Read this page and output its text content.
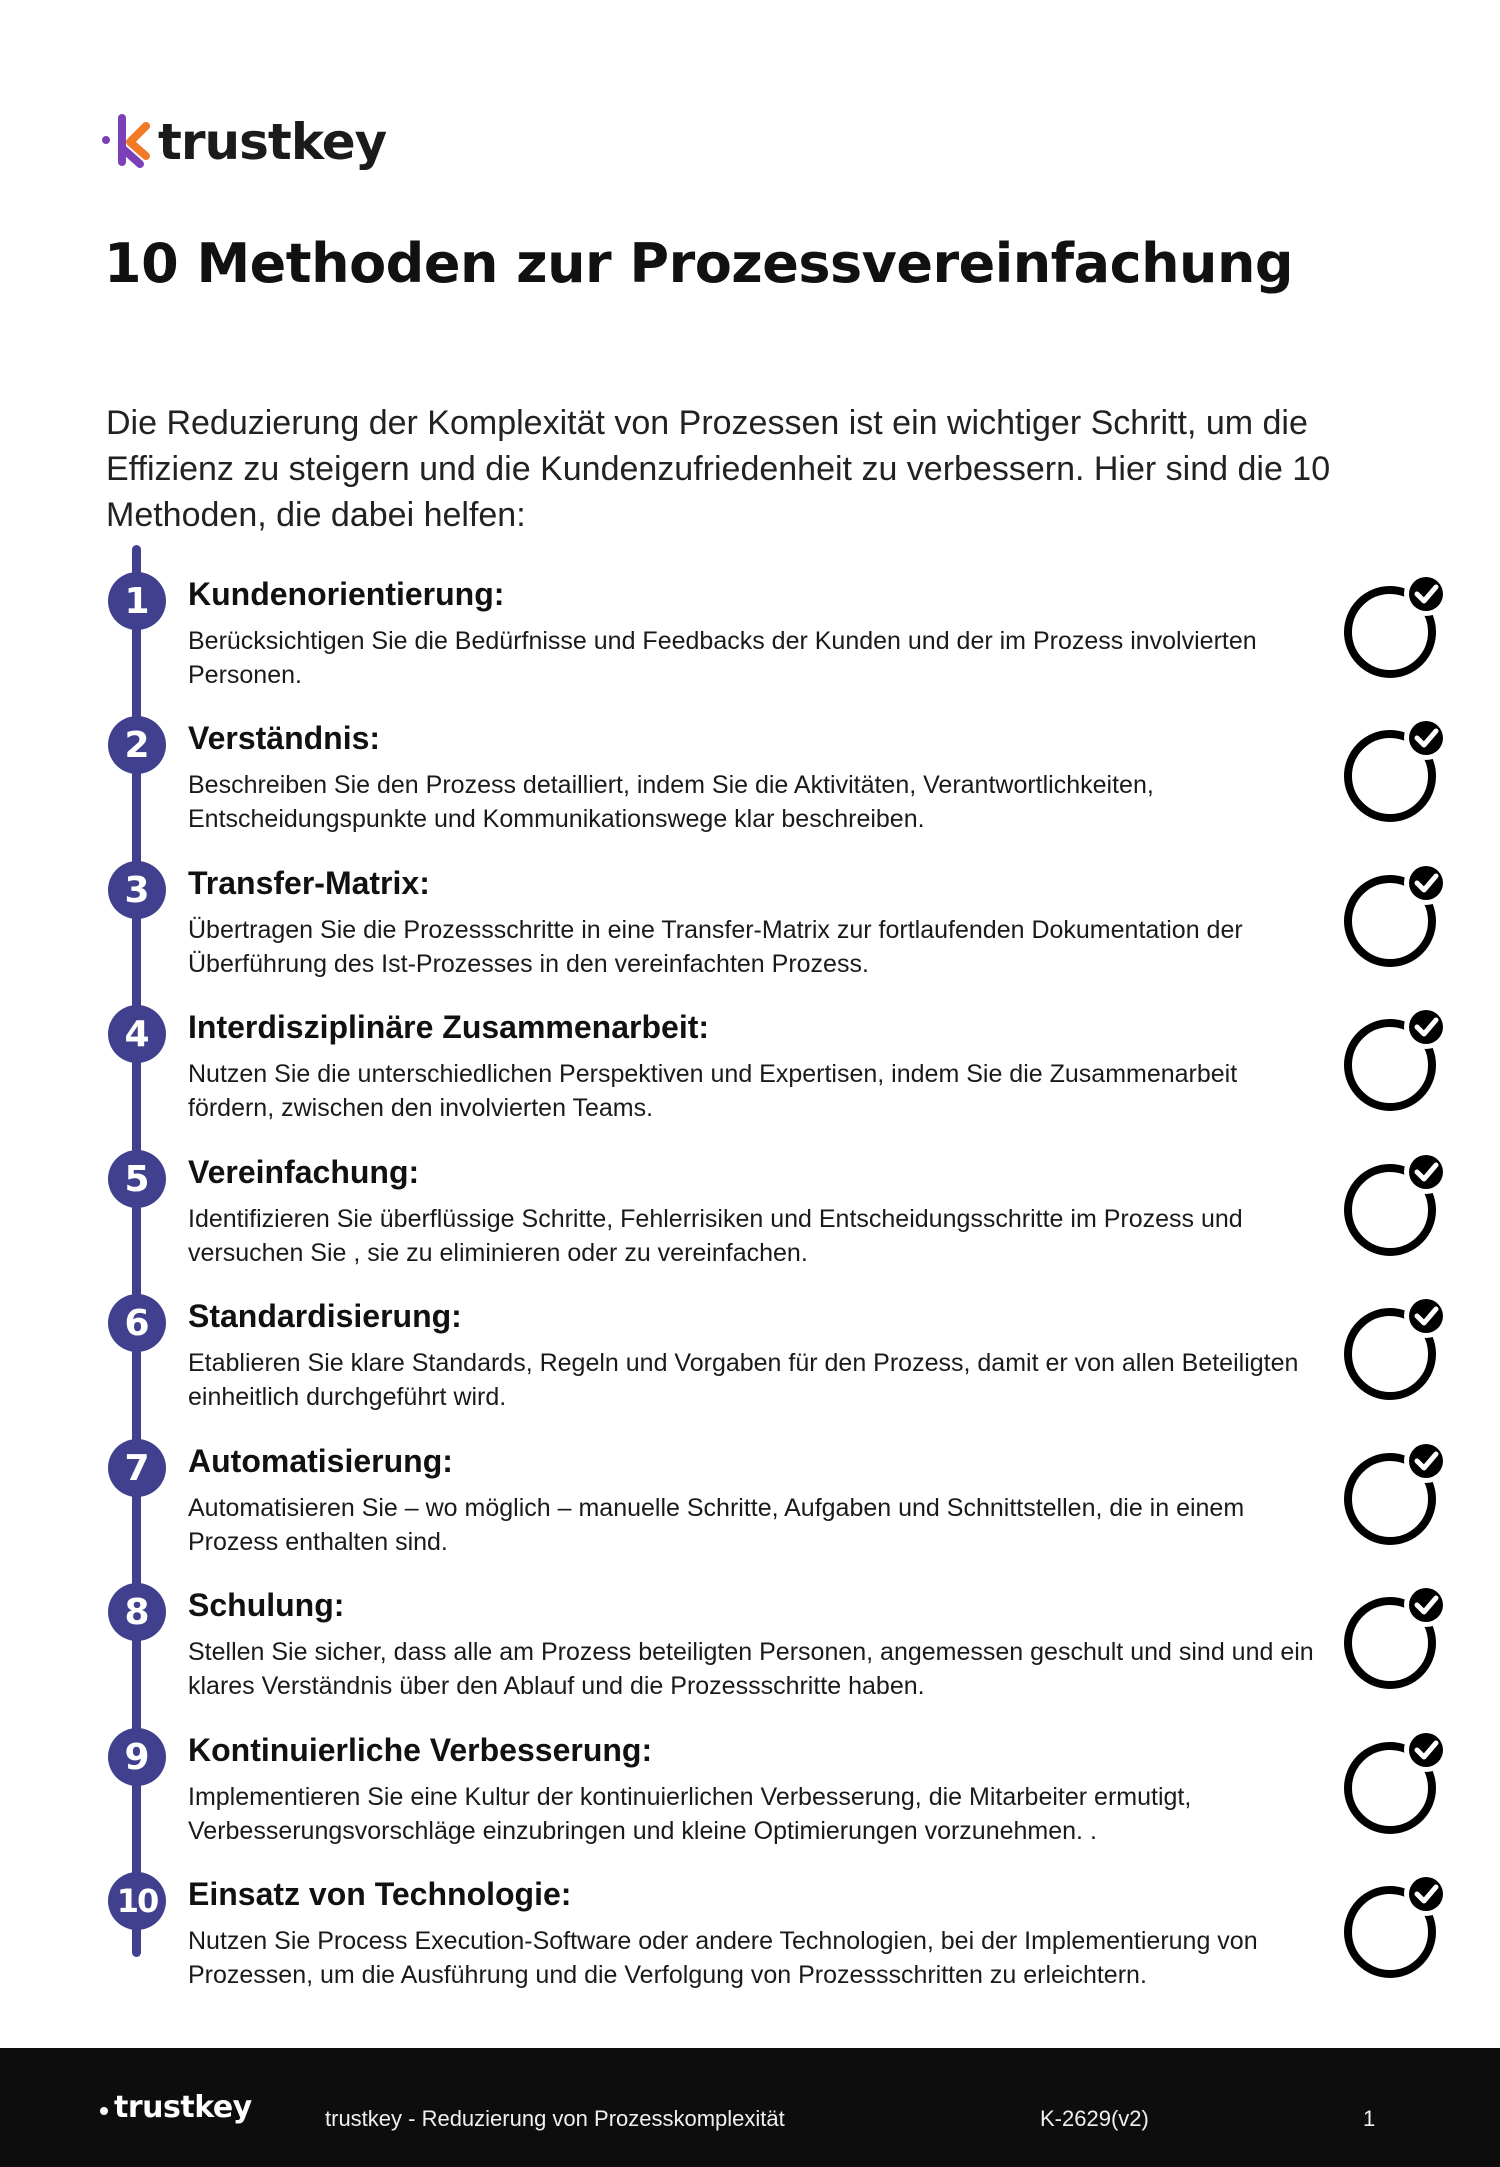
trustkey
10 Methoden zur Prozessvereinfachung

Die Reduzierung der Komplexität von Prozessen ist ein wichtiger Schritt, um die Effizienz zu steigern und die Kundenzufriedenheit zu verbessern. Hier sind die 10 Methoden, die dabei helfen:

1	Kundenorientierung:
Berücksichtigen Sie die Bedürfnisse und Feedbacks der Kunden und der im Prozess involvierten Personen.
2	Verständnis:
Beschreiben Sie den Prozess detailliert, indem Sie die Aktivitäten, Verantwortlichkeiten, Entscheidungspunkte und Kommunikationswege klar beschreiben.
3	Transfer-Matrix:
Übertragen Sie die Prozessschritte in eine Transfer-Matrix zur fortlaufenden Dokumentation der Überführung des Ist-Prozesses in den vereinfachten Prozess.
4	Interdisziplinäre Zusammenarbeit:
Nutzen Sie die unterschiedlichen Perspektiven und Expertisen, indem Sie die Zusammenarbeit fördern, zwischen den involvierten Teams.
5	Vereinfachung:
Identifizieren Sie überflüssige Schritte, Fehlerrisiken und Entscheidungsschritte im Prozess und versuchen Sie , sie zu eliminieren oder zu vereinfachen.
6	Standardisierung:
Etablieren Sie klare Standards, Regeln und Vorgaben für den Prozess, damit er von allen Beteiligten einheitlich durchgeführt wird.
7	Automatisierung:
Automatisieren Sie – wo möglich – manuelle Schritte, Aufgaben und Schnittstellen, die in einem Prozess enthalten sind.
8	Schulung:
Stellen Sie sicher, dass alle am Prozess beteiligten Personen, angemessen geschult und sind und ein klares Verständnis über den Ablauf und die Prozessschritte haben.
9	Kontinuierliche Verbesserung:
Implementieren Sie eine Kultur der kontinuierlichen Verbesserung, die Mitarbeiter ermutigt, Verbesserungsvorschläge einzubringen und kleine Optimierungen vorzunehmen. .
10 Einsatz von Technologie:
Nutzen Sie Process Execution-Software oder andere Technologien, bei der Implementierung von Prozessen, um die Ausführung und die Verfolgung von Prozessschritten zu erleichtern.
trustkey	trustkey - Reduzierung von Prozesskomplexität	K-2629(v2)	1
